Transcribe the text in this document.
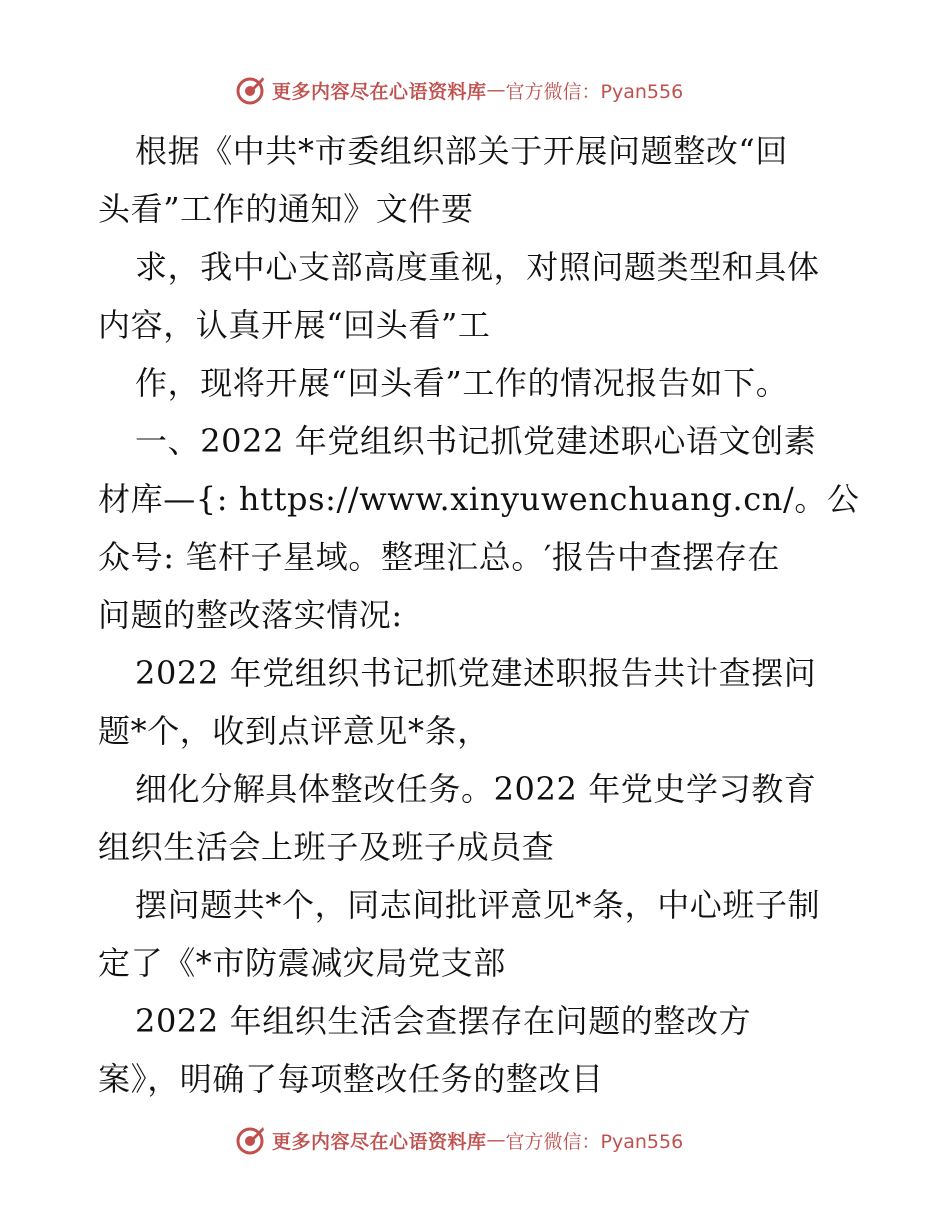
更多内容尽在心语资料库 — 官方微信：Pyan556
根据《中共*市委组织部关于开展问题整改“回
头看”工作的通知》文件要
求，我中心支部高度重视，对照问题类型和具体
内容，认真开展“回头看”工
作，现将开展“回头看”工作的情况报告如下。
一、2022 年党组织书记抓党建述职心语文创素
材库—{: https://www.xinyuwenchuang.cn/。公
众号: 笔杆子星域。整理汇总。′报告中查摆存在
问题的整改落实情况:
2022 年党组织书记抓党建述职报告共计查摆问
题*个，收到点评意见*条，
细化分解具体整改任务。2022 年党史学习教育
组织生活会上班子及班子成员查
摆问题共*个，同志间批评意见*条，中心班子制
定了《*市防震减灾局党支部
2022 年组织生活会查摆存在问题的整改方
案》，明确了每项整改任务的整改目
更多内容尽在心语资料库 — 官方微信：Pyan556
